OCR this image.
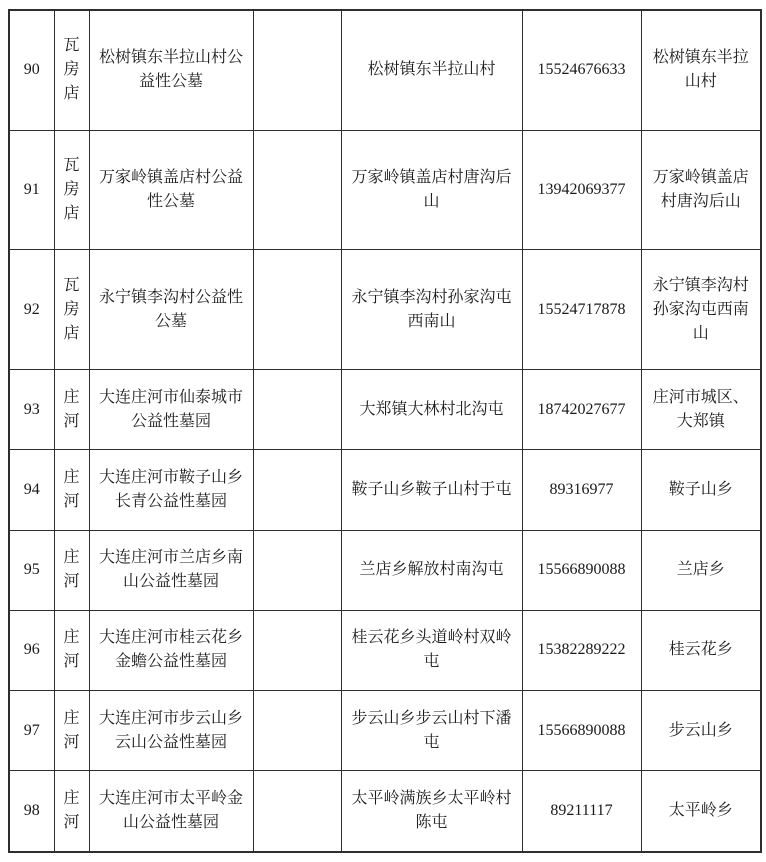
90	瓦房店	松树镇东半拉山村公益性公墓		松树镇东半拉山村	15524676633	松树镇东半拉山村
91	瓦房店	万家岭镇盖店村公益性公墓		万家岭镇盖店村唐沟后山	13942069377	万家岭镇盖店村唐沟后山
92	瓦房店	永宁镇李沟村公益性公墓		永宁镇李沟村孙家沟屯西南山	15524717878	永宁镇李沟村孙家沟屯西南山
93	庄河	大连庄河市仙泰城市公益性墓园		大郑镇大林村北沟屯	18742027677	庄河市城区、大郑镇
94	庄河	大连庄河市鞍子山乡长青公益性墓园		鞍子山乡鞍子山村于屯	89316977	鞍子山乡
95	庄河	大连庄河市兰店乡南山公益性墓园		兰店乡解放村南沟屯	15566890088	兰店乡
96	庄河	大连庄河市桂云花乡金蟾公益性墓园		桂云花乡头道岭村双岭屯	15382289222	桂云花乡
97	庄河	大连庄河市步云山乡云山公益性墓园		步云山乡步云山村下潘屯	15566890088	步云山乡
98	庄河	大连庄河市太平岭金山公益性墓园		太平岭满族乡太平岭村陈屯	89211117	太平岭乡
